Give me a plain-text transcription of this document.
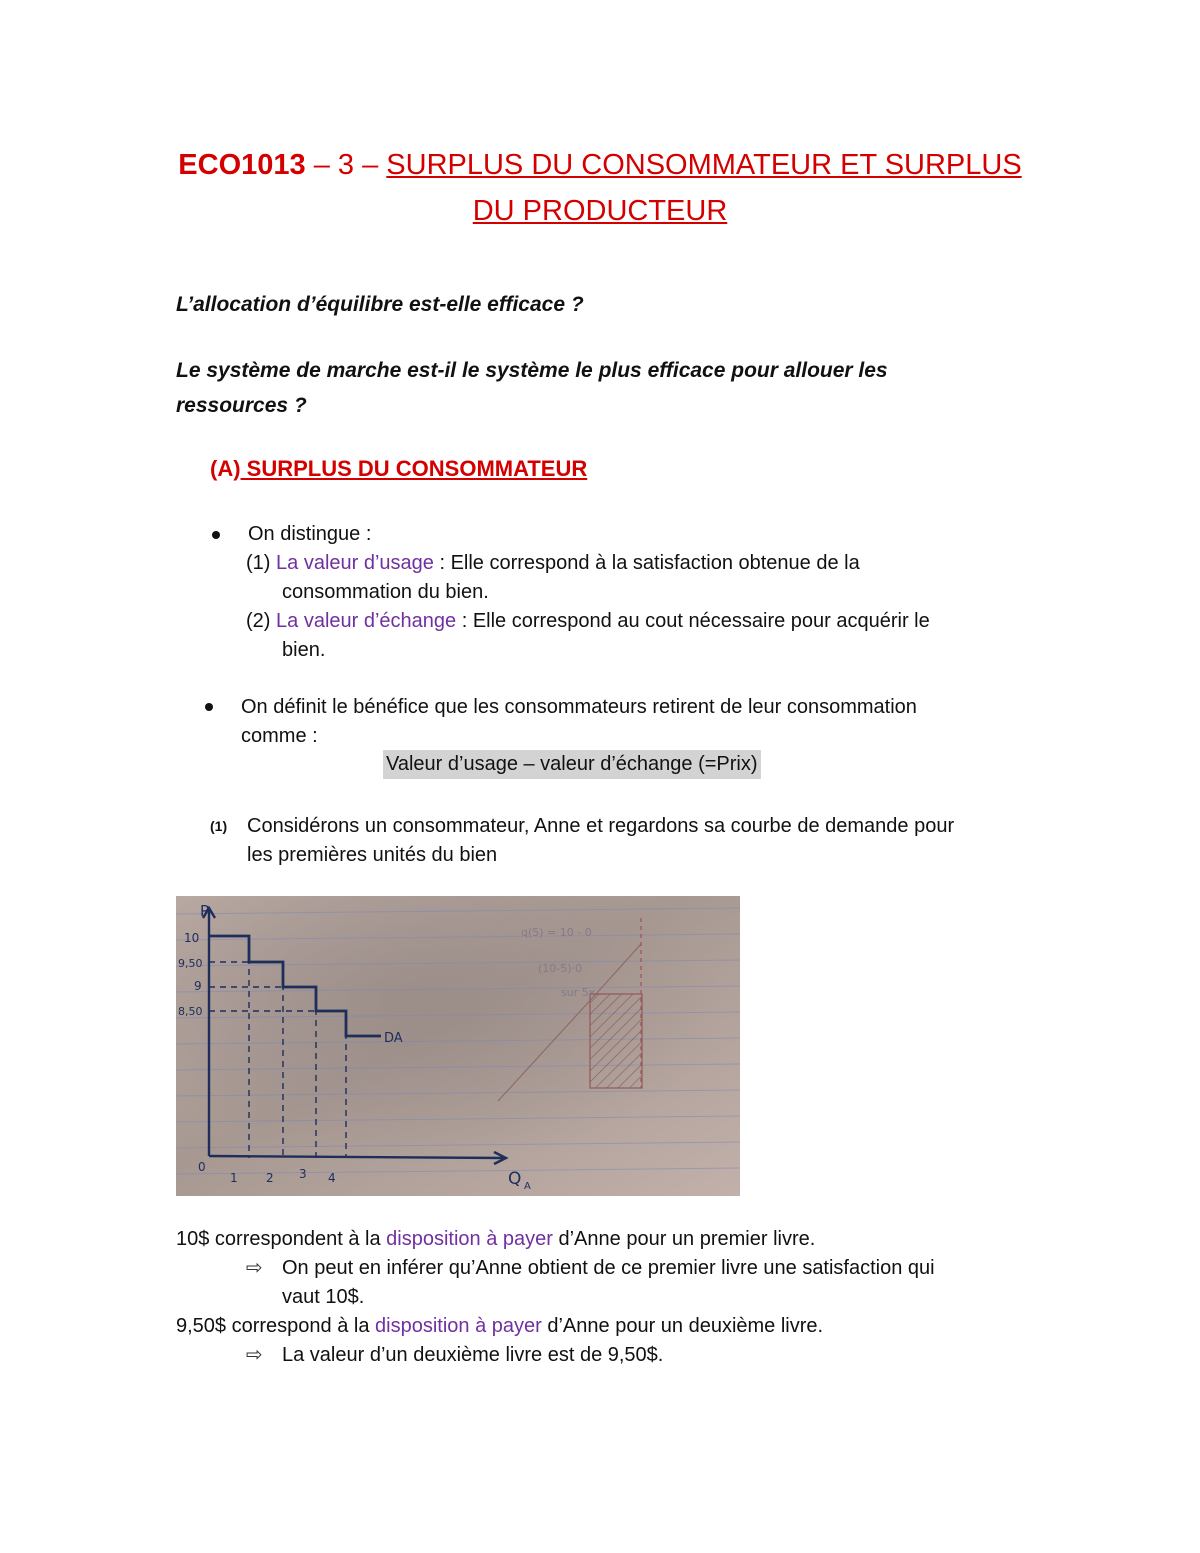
ECO1013 – 3 – SURPLUS DU CONSOMMATEUR ET SURPLUS
DU PRODUCTEUR
L’allocation d’équilibre est-elle efficace ?
Le système de marche est-il le système le plus efficace pour allouer les
ressources ?
(A) SURPLUS DU CONSOMMATEUR
On distingue :
(1) La valeur d’usage : Elle correspond à la satisfaction obtenue de la
consommation du bien.
(2) La valeur d’échange : Elle correspond au cout nécessaire pour acquérir le
bien.
On définit le bénéfice que les consommateurs retirent de leur consommation
comme :
Valeur d’usage – valeur d’échange (=Prix)
(1) Considérons un consommateur, Anne et regardons sa courbe de demande pour
les premières unités du bien
q(5) = 10 - 0
(10-5)·0
sur 5x
P
10
9,50
9
8,50
DA
0
1 2 3 4	Q A
10$ correspondent à la disposition à payer d’Anne pour un premier livre.
⇨ On peut en inférer qu’Anne obtient de ce premier livre une satisfaction qui
vaut 10$.
9,50$ correspond à la disposition à payer d’Anne pour un deuxième livre.
⇨ La valeur d’un deuxième livre est de 9,50$.
